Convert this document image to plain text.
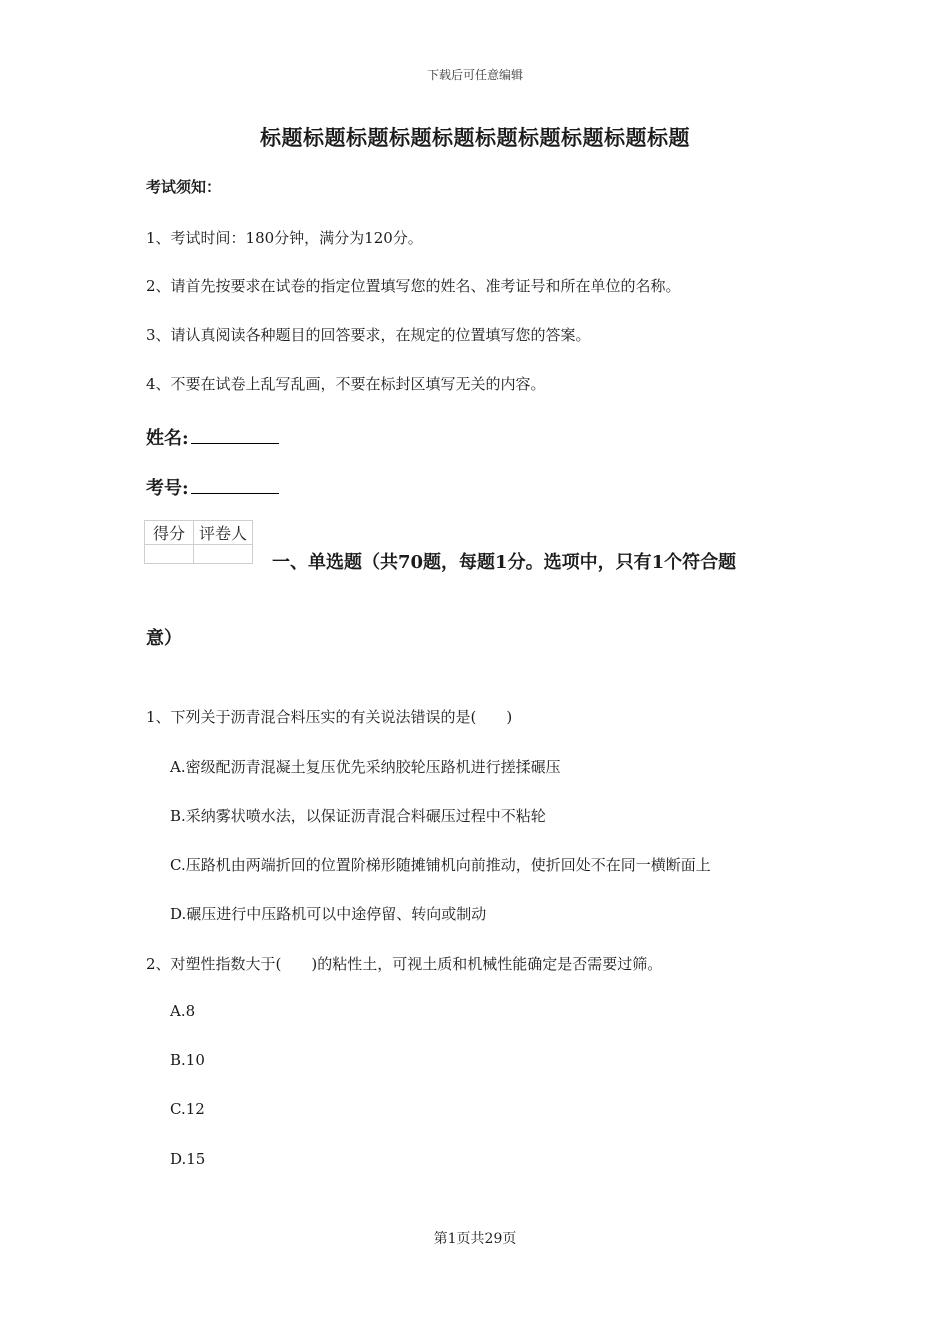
下载后可任意编辑
标题标题标题标题标题标题标题标题标题标题
考试须知：
1、考试时间：180分钟，满分为120分。
2、请首先按要求在试卷的指定位置填写您的姓名、准考证号和所在单位的名称。
3、请认真阅读各种题目的回答要求，在规定的位置填写您的答案。
4、不要在试卷上乱写乱画，不要在标封区填写无关的内容。
姓名:
考号:
得分	评卷人

一、单选题（共70题，每题1分。选项中，只有1个符合题
意）
1、下列关于沥青混合料压实的有关说法错误的是(　　)
A.密级配沥青混凝土复压优先采纳胶轮压路机进行搓揉碾压
B.采纳雾状喷水法，以保证沥青混合料碾压过程中不粘轮
C.压路机由两端折回的位置阶梯形随摊铺机向前推动，使折回处不在同一横断面上
D.碾压进行中压路机可以中途停留、转向或制动
2、对塑性指数大于(　　)的粘性土，可视土质和机械性能确定是否需要过筛。
A.8
B.10
C.12
D.15
第1页共29页
